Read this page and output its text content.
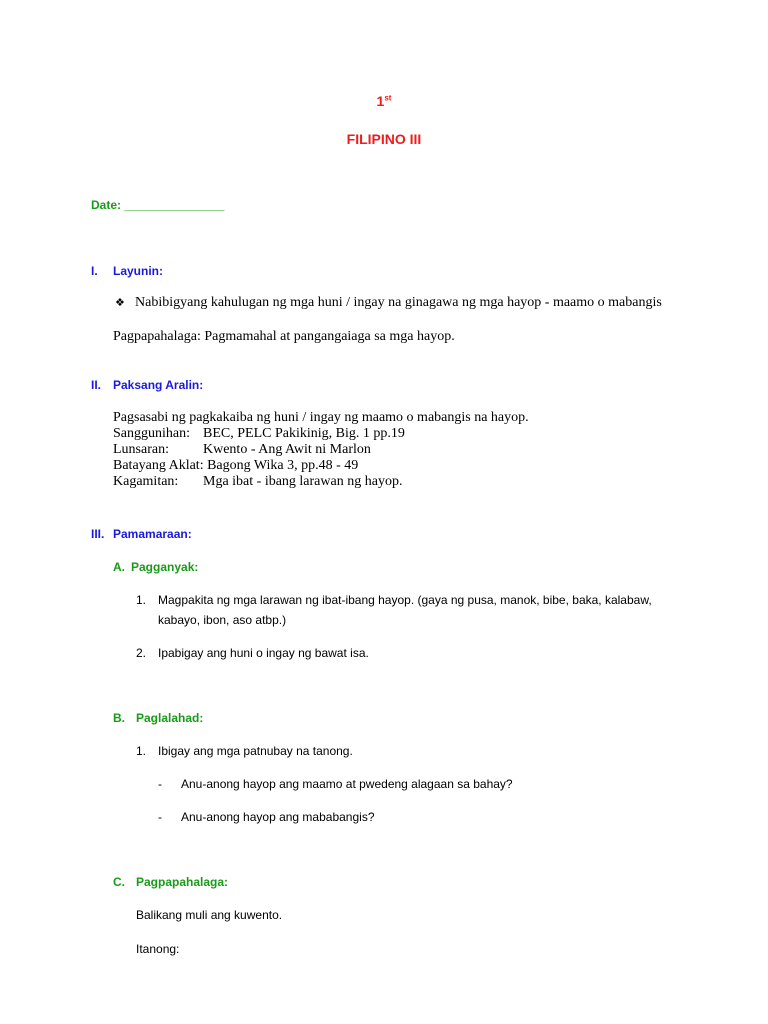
1st
FILIPINO III
Date: _______________
I. Layunin:
❖ Nabibigyang kahulugan ng mga huni / ingay na ginagawa ng mga hayop - maamo o mabangis
Pagpapahalaga: Pagmamahal at pangangaiaga sa mga hayop.
II. Paksang Aralin:
Pagsasabi ng pagkakaiba ng huni / ingay ng maamo o mabangis na hayop.
Sanggunihan: BEC, PELC Pakikinig, Big. 1 pp.19
Lunsaran: Kwento - Ang Awit ni Marlon
Batayang Aklat: Bagong Wika 3, pp.48 - 49
Kagamitan: Mga ibat - ibang larawan ng hayop.
III. Pamamaraan:
A. Pagganyak:
1. Magpakita ng mga larawan ng ibat-ibang hayop. (gaya ng pusa, manok, bibe, baka, kalabaw,
kabayo, ibon, aso atbp.)
2. Ipabigay ang huni o ingay ng bawat isa.
B. Paglalahad:
1. Ibigay ang mga patnubay na tanong.
- Anu-anong hayop ang maamo at pwedeng alagaan sa bahay?
- Anu-anong hayop ang mababangis?
C. Pagpapahalaga:
Balikang muli ang kuwento.
Itanong:
